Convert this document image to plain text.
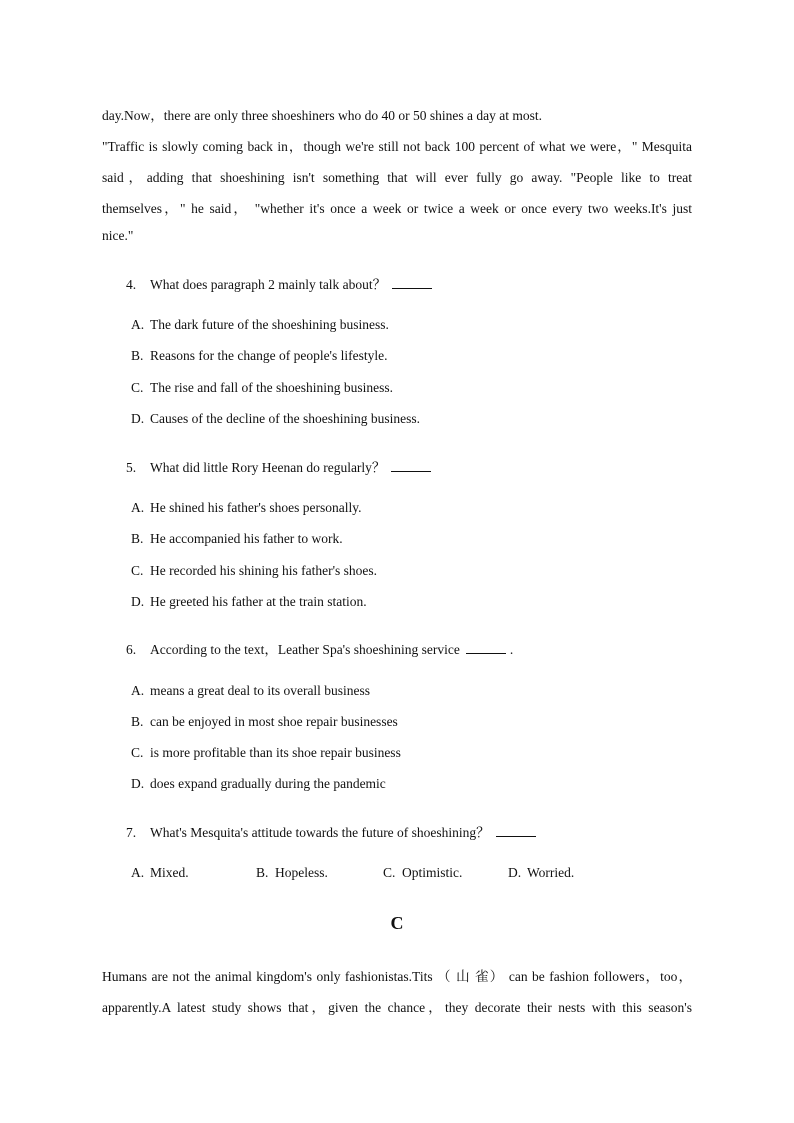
day.Now，there are only three shoeshiners who do 40 or 50 shines a day at most.
"Traffic is slowly coming back in，though we're still not back 100 percent of what we were，" Mesquita
said，adding that shoeshining isn't something that will ever fully go away. "People like to treat
themselves，" he said， "whether it's once a week or twice a week or once every two weeks.It's just
nice."
4. What does paragraph 2 mainly talk about？
A. The dark future of the shoeshining business.
B. Reasons for the change of people's lifestyle.
C. The rise and fall of the shoeshining business.
D. Causes of the decline of the shoeshining business.
5. What did little Rory Heenan do regularly？
A. He shined his father's shoes personally.
B. He accompanied his father to work.
C. He recorded his shining his father's shoes.
D. He greeted his father at the train station.
6. According to the text，Leather Spa's shoeshining service	.
A. means a great deal to its overall business
B. can be enjoyed in most shoe repair businesses
C. is more profitable than its shoe repair business
D. does expand gradually during the pandemic
7. What's Mesquita's attitude towards the future of shoeshining？
A. Mixed.	B. Hopeless.	C. Optimistic.	D. Worried.
C
Humans are not the animal kingdom's only fashionistas.Tits （ 山 雀） can be fashion followers，too，
apparently.A latest study shows that，given the chance，they decorate their nests with this season's
